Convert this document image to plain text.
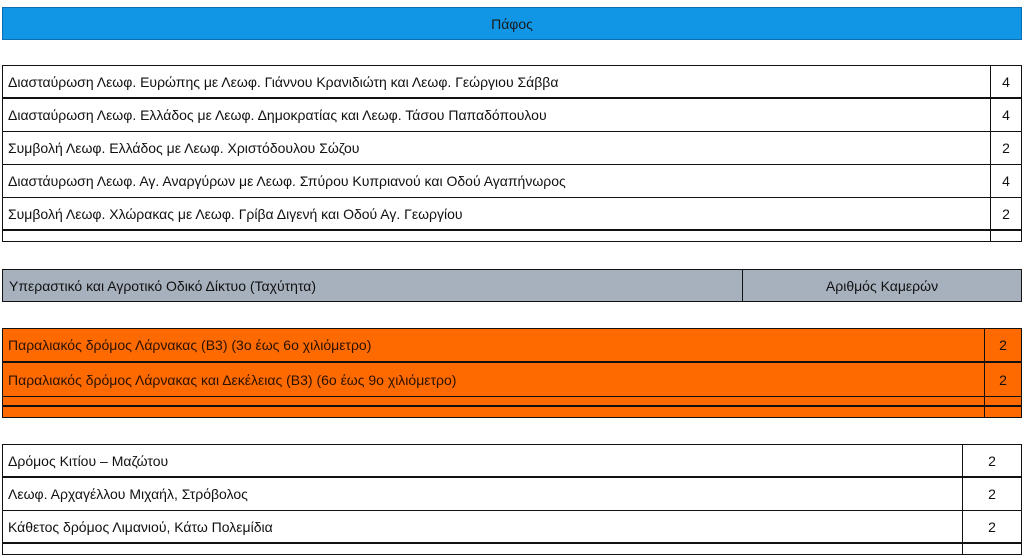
Πάφος
Διασταύρωση Λεωφ. Ευρώπης με Λεωφ. Γιάννου Κρανιδιώτη και Λεωφ. Γεώργιου Σάββα	4
Διασταύρωση Λεωφ. Ελλάδος με Λεωφ. Δημοκρατίας και Λεωφ. Τάσου Παπαδόπουλου	4
Συμβολή Λεωφ. Ελλάδος με Λεωφ. Χριστόδουλου Σώζου	2
Διαστάυρωση Λεωφ. Αγ. Αναργύρων με Λεωφ. Σπύρου Κυπριανού και Οδού Αγαπήνωρος	4
Συμβολή Λεωφ. Χλώρακας με Λεωφ. Γρίβα Διγενή και Οδού Αγ. Γεωργίου	2
Υπεραστικό και Αγροτικό Οδικό Δίκτυο (Ταχύτητα)	Αριθμός Καμερών
Παραλιακός δρόμος Λάρνακας (Β3) (3ο έως 6ο χιλιόμετρο)	2
Παραλιακός δρόμος Λάρνακας και Δεκέλειας (Β3) (6ο έως 9ο χιλιόμετρο)	2
Δρόμος Κιτίου – Μαζώτου	2
Λεωφ. Αρχαγέλλου Μιχαήλ, Στρόβολος	2
Κάθετος δρόμος Λιμανιού, Κάτω Πολεμίδια	2
